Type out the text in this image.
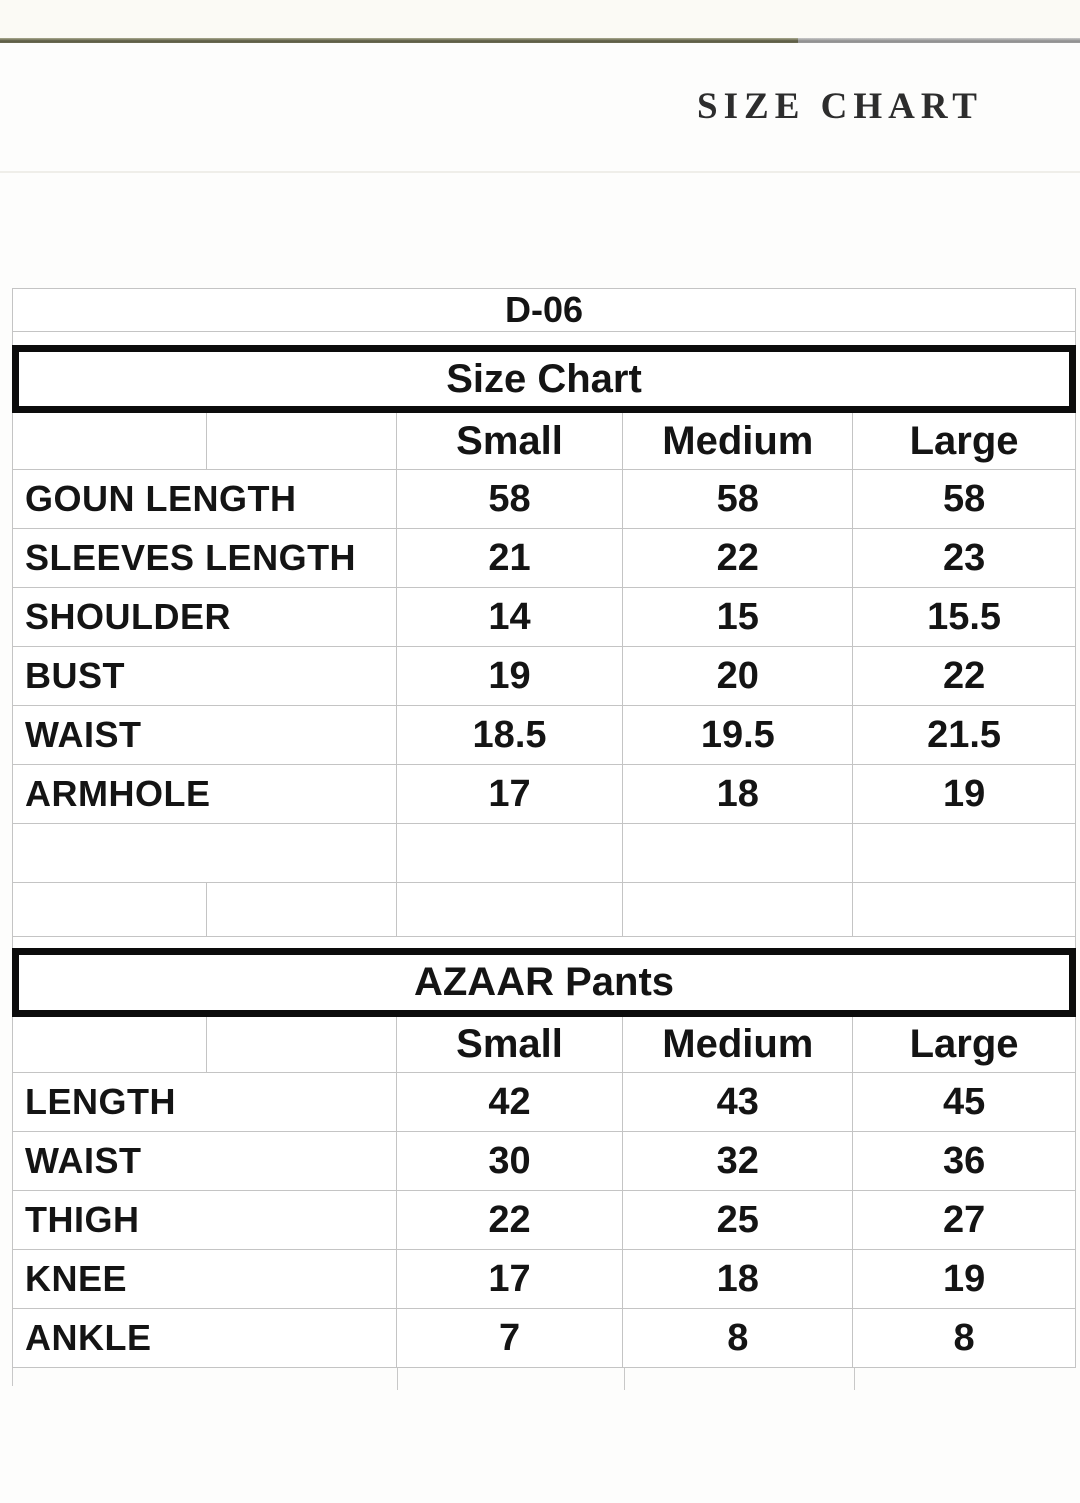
SIZE CHART
D-06
Size Chart
Small	Medium	Large
GOUN LENGTH	58	58	58
SLEEVES LENGTH	21	22	23
SHOULDER	14	15	15.5
BUST	19	20	22
WAIST	18.5	19.5	21.5
ARMHOLE	17	18	19
AZAAR Pants
Small	Medium	Large
LENGTH	42	43	45
WAIST	30	32	36
THIGH	22	25	27
KNEE	17	18	19
ANKLE	7	8	8
